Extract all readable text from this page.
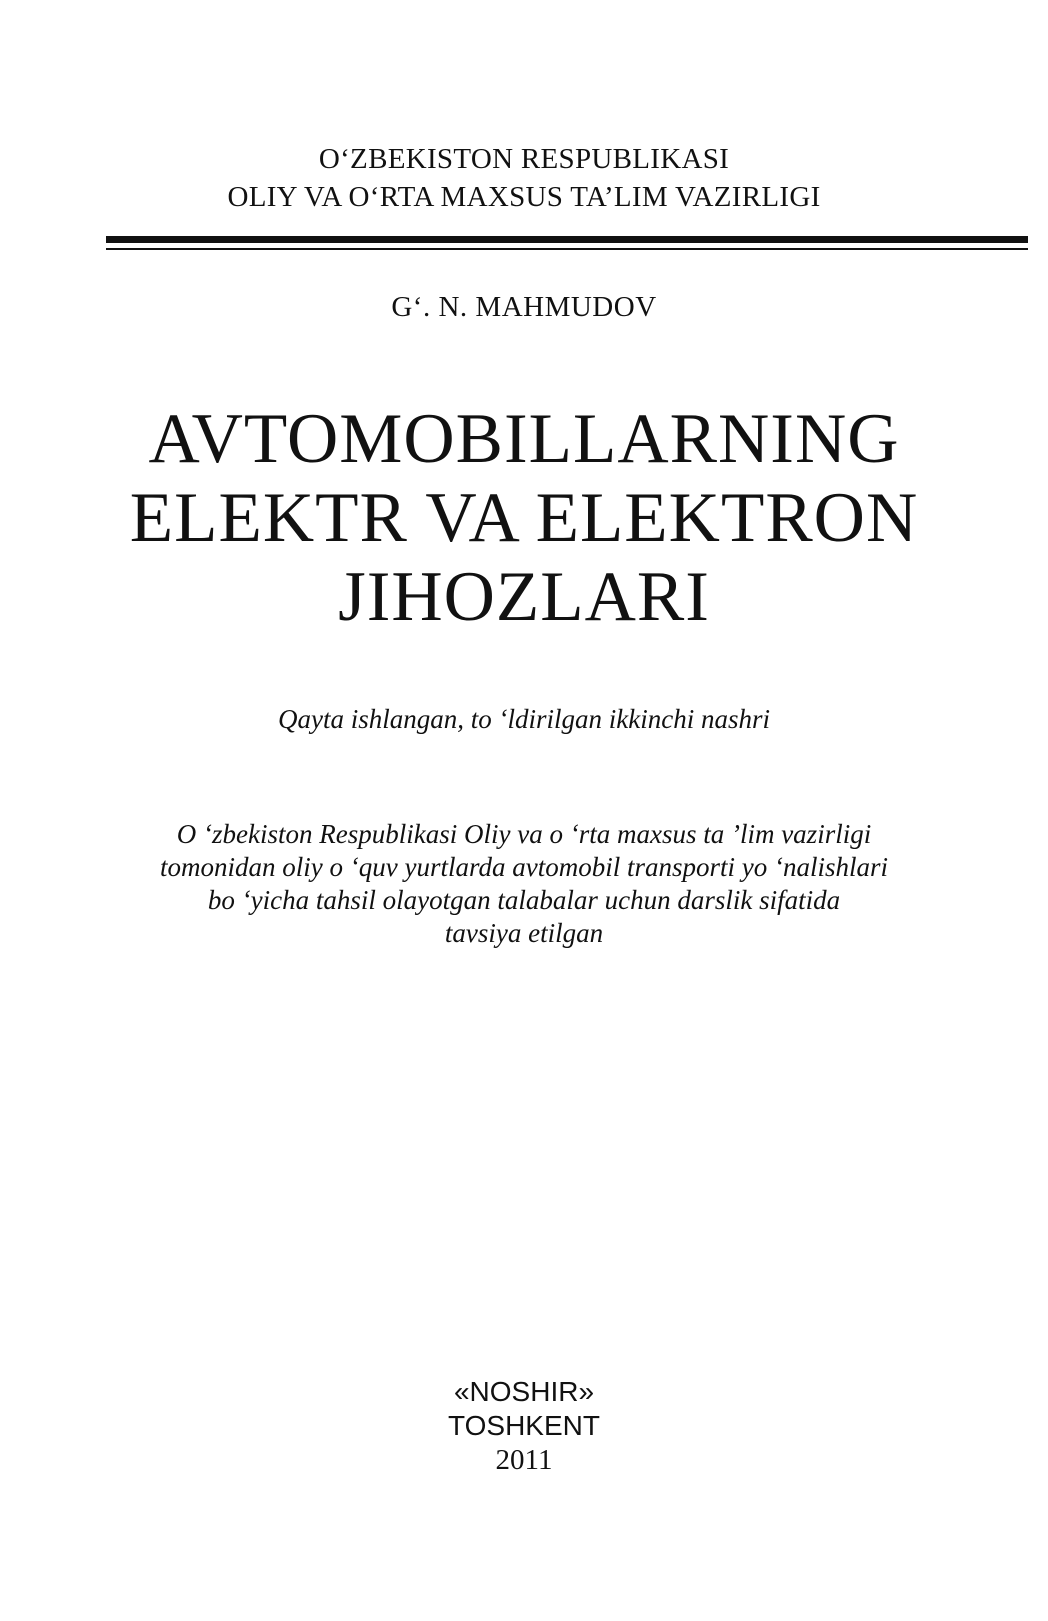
O‘ZBEKISTON RESPUBLIKASI
OLIY VA O‘RTA MAXSUS TA’LIM VAZIRLIGI
G‘. N. MAHMUDOV
AVTOMOBILLARNING
ELEKTR VA ELEKTRON
JIHOZLARI
Qayta ishlangan, to ‘ldirilgan ikkinchi nashri
O ‘zbekiston Respublikasi Oliy va o ‘rta maxsus ta ’lim vazirligi
tomonidan oliy o ‘quv yurtlarda avtomobil transporti yo ‘nalishlari
bo ‘yicha tahsil olayotgan talabalar uchun darslik sifatida
tavsiya etilgan
«NOSHIR»
TOSHKENT
2011
